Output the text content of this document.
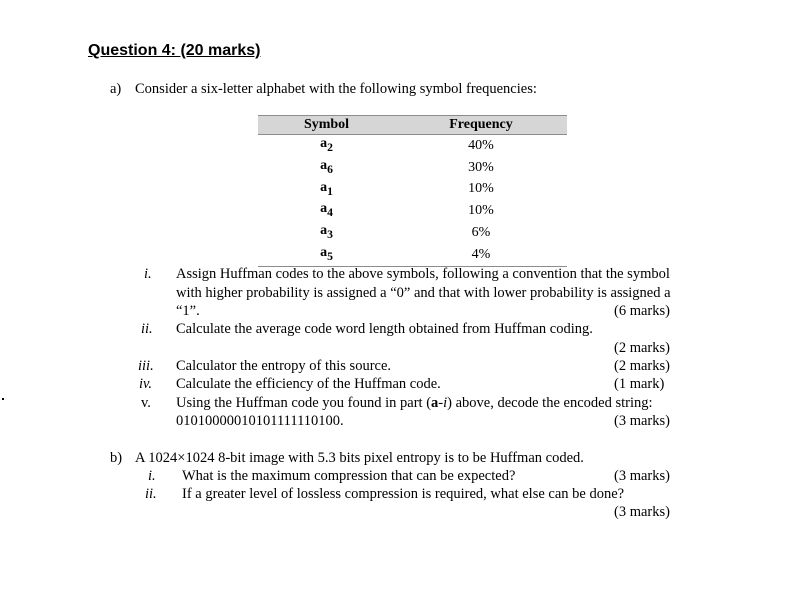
Question 4: (20 marks)
a) Consider a six-letter alphabet with the following symbol frequencies:
Symbol	Frequency
$a_2$	40%
$a_6$	30%
$a_1$	10%
$a_4$	10%
$a_3$	6%
$a_5$	4%
i. Assign Huffman codes to the above symbols, following a convention that the symbol
with higher probability is assigned a “0” and that with lower probability is assigned a
“1”.	(6 marks)
ii. Calculate the average code word length obtained from Huffman coding.
(2 marks)
iii. Calculator the entropy of this source.	(2 marks)
iv. Calculate the efficiency of the Huffman code.	(1 mark)
v. Using the Huffman code you found in part (a-i) above, decode the encoded string:
01010000010101111110100.	(3 marks)
b) A 1024×1024 8-bit image with 5.3 bits pixel entropy is to be Huffman coded.
i. What is the maximum compression that can be expected?	(3 marks)
ii. If a greater level of lossless compression is required, what else can be done?
(3 marks)
